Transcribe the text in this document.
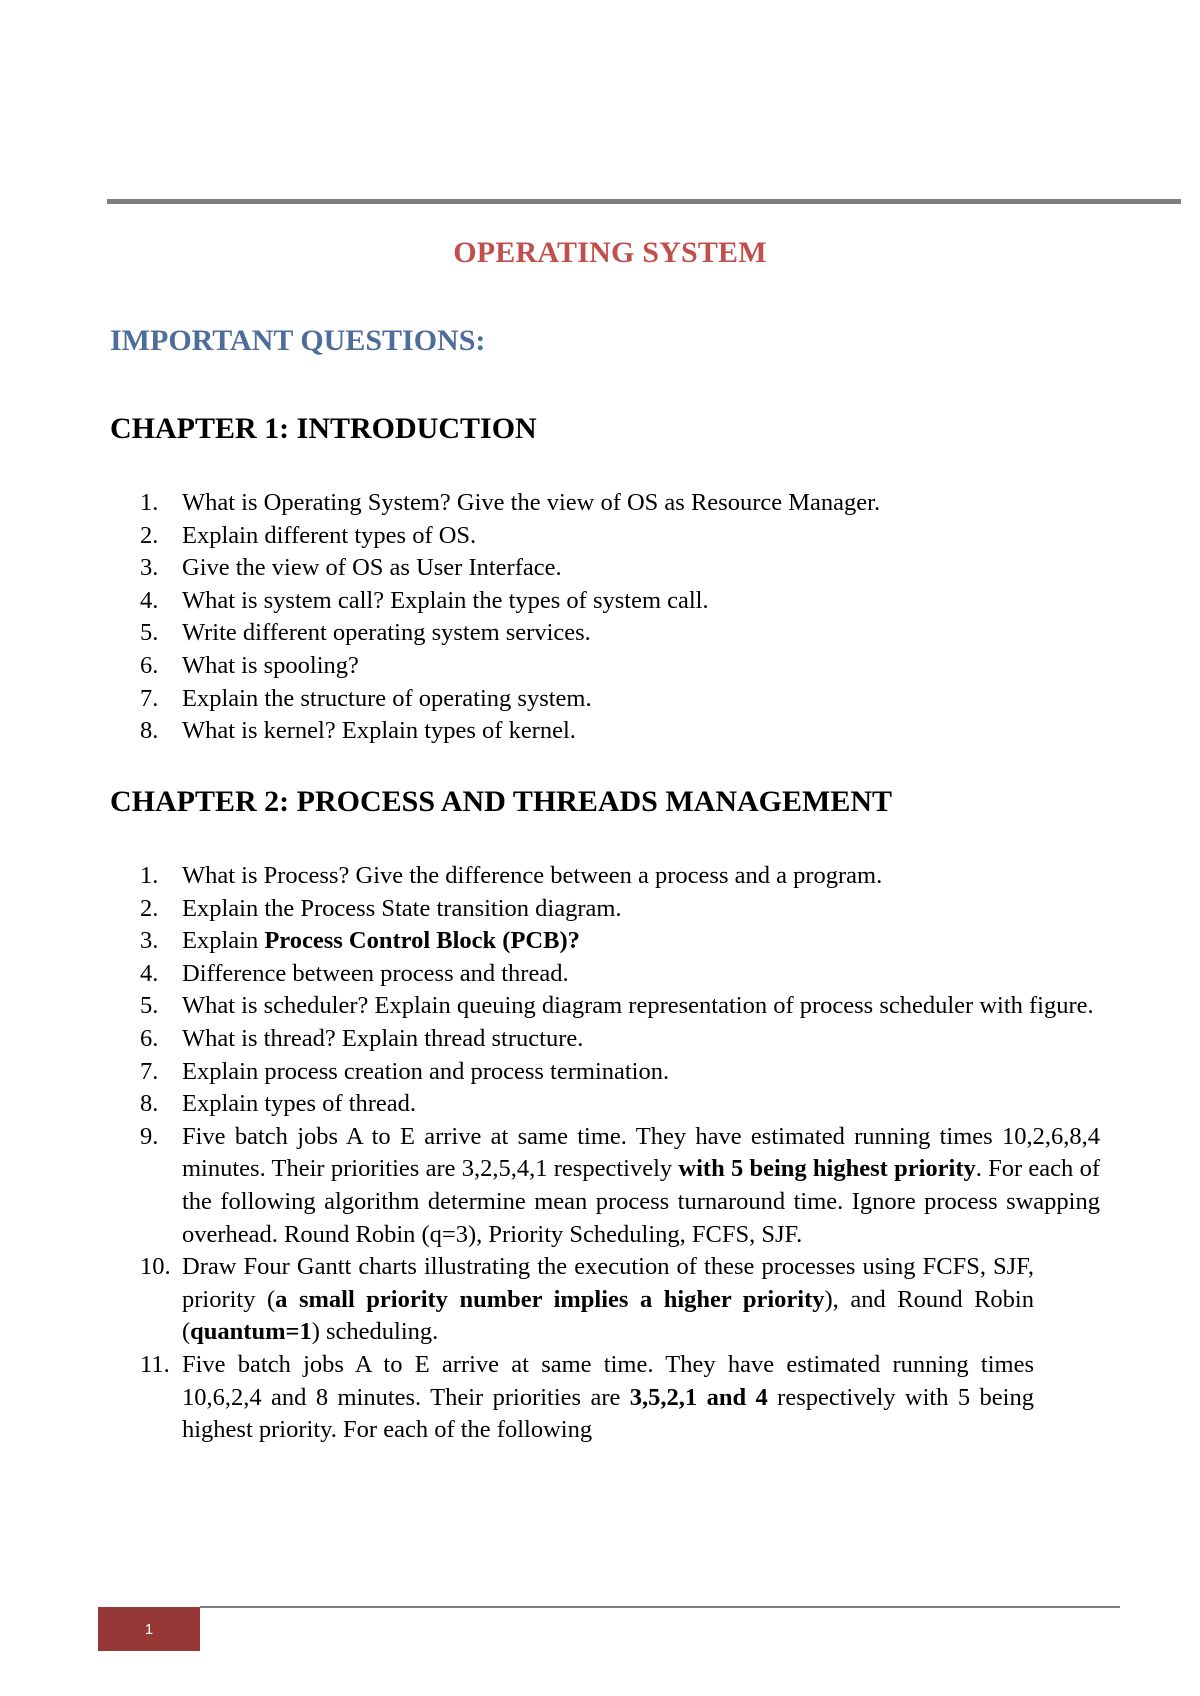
OPERATING SYSTEM
IMPORTANT QUESTIONS:
CHAPTER 1: INTRODUCTION
1. What is Operating System? Give the view of OS as Resource Manager.
2. Explain different types of OS.
3. Give the view of OS as User Interface.
4. What is system call? Explain the types of system call.
5. Write different operating system services.
6. What is spooling?
7. Explain the structure of operating system.
8. What is kernel? Explain types of kernel.
CHAPTER 2: PROCESS AND THREADS MANAGEMENT
1. What is Process? Give the difference between a process and a program.
2. Explain the Process State transition diagram.
3. Explain Process Control Block (PCB)?
4. Difference between process and thread.
5. What is scheduler? Explain queuing diagram representation of process scheduler with figure.
6. What is thread? Explain thread structure.
7. Explain process creation and process termination.
8. Explain types of thread.
9. Five batch jobs A to E arrive at same time. They have estimated running times 10,2,6,8,4 minutes. Their priorities are 3,2,5,4,1 respectively with 5 being highest priority. For each of the following algorithm determine mean process turnaround time. Ignore process swapping overhead. Round Robin (q=3), Priority Scheduling, FCFS, SJF.
10. Draw Four Gantt charts illustrating the execution of these processes using FCFS, SJF, priority (a small priority number implies a higher priority), and Round Robin (quantum=1) scheduling.
11. Five batch jobs A to E arrive at same time. They have estimated running times 10,6,2,4 and 8 minutes. Their priorities are 3,5,2,1 and 4 respectively with 5 being highest priority. For each of the following
1
